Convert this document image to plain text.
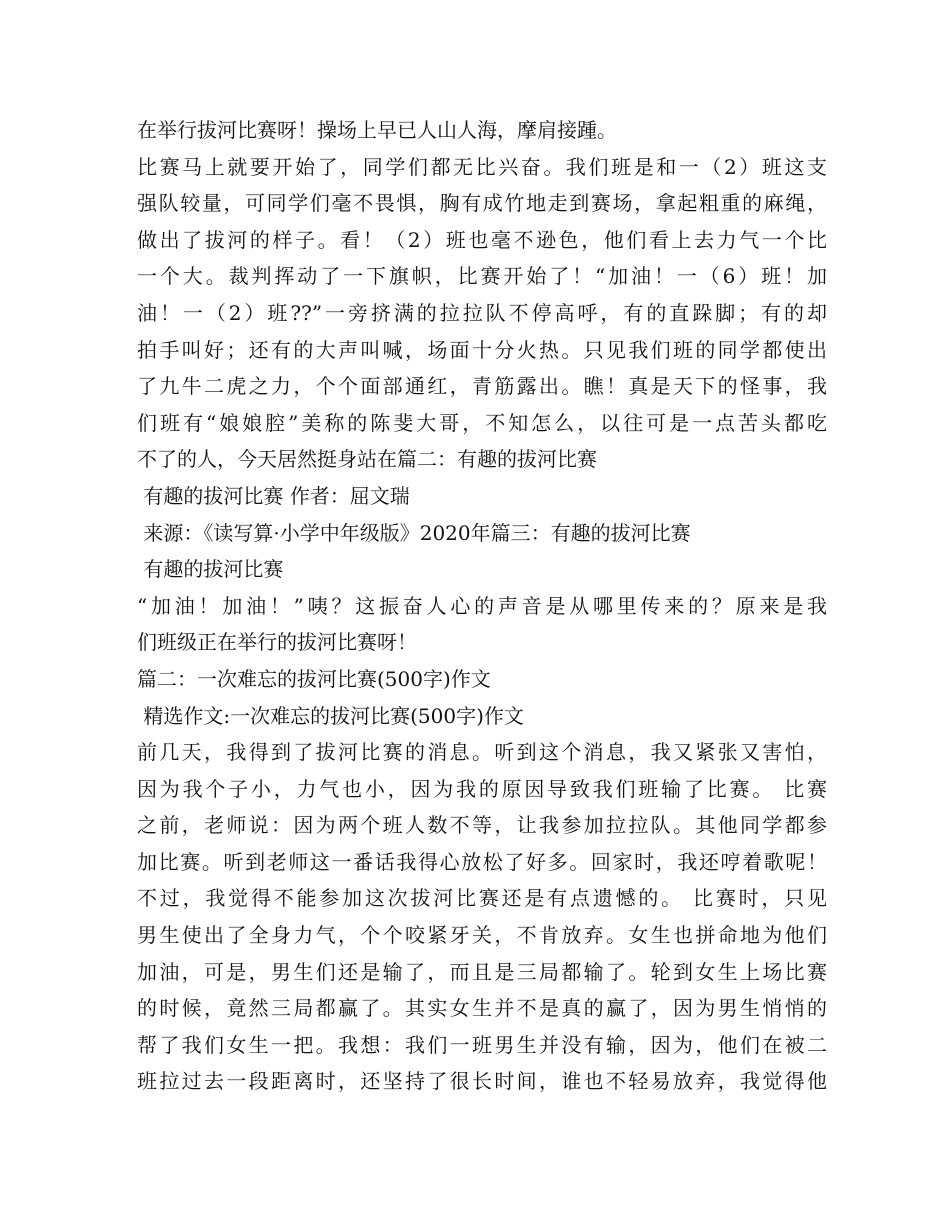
在举行拔河比赛呀！操场上早已人山人海，摩肩接踵。
比赛马上就要开始了，同学们都无比兴奋。我们班是和一（2）班这支
强队较量，可同学们毫不畏惧，胸有成竹地走到赛场，拿起粗重的麻绳，
做出了拔河的样子。看！（2）班也毫不逊色，他们看上去力气一个比
一个大。裁判挥动了一下旗帜，比赛开始了！“加油！一（6）班！加
油！一（2）班??”一旁挤满的拉拉队不停高呼，有的直跺脚；有的却
拍手叫好；还有的大声叫喊，场面十分火热。只见我们班的同学都使出
了九牛二虎之力，个个面部通红，青筋露出。瞧！真是天下的怪事，我
们班有“娘娘腔”美称的陈斐大哥，不知怎么，以往可是一点苦头都吃
不了的人，今天居然挺身站在篇二：有趣的拔河比赛
有趣的拔河比赛 作者：屈文瑞
来源：《读写算·小学中年级版》2020年篇三：有趣的拔河比赛
有趣的拔河比赛
“加油！加油！”咦？这振奋人心的声音是从哪里传来的？原来是我
们班级正在举行的拔河比赛呀！
篇二：一次难忘的拔河比赛(500字)作文
精选作文:一次难忘的拔河比赛(500字)作文
前几天，我得到了拔河比赛的消息。听到这个消息，我又紧张又害怕，
因为我个子小，力气也小，因为我的原因导致我们班输了比赛。 比赛
之前，老师说：因为两个班人数不等，让我参加拉拉队。其他同学都参
加比赛。听到老师这一番话我得心放松了好多。回家时，我还哼着歌呢！
不过，我觉得不能参加这次拔河比赛还是有点遗憾的。 比赛时，只见
男生使出了全身力气，个个咬紧牙关，不肯放弃。女生也拼命地为他们
加油，可是，男生们还是输了，而且是三局都输了。轮到女生上场比赛
的时候，竟然三局都赢了。其实女生并不是真的赢了，因为男生悄悄的
帮了我们女生一把。我想：我们一班男生并没有输，因为，他们在被二
班拉过去一段距离时，还坚持了很长时间，谁也不轻易放弃，我觉得他
